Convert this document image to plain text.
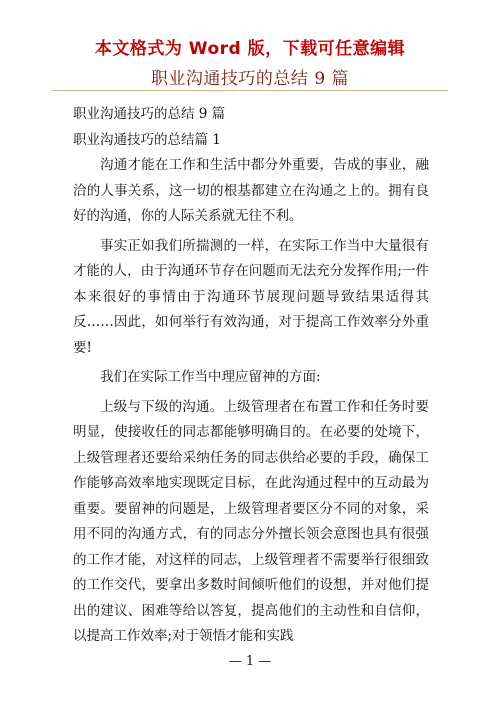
本文格式为 Word 版，下载可任意编辑
职业沟通技巧的总结 9 篇

职业沟通技巧的总结 9 篇

职业沟通技巧的总结篇 1

沟通才能在工作和生活中都分外重要，告成的事业，融洽的人事关系，这一切的根基都建立在沟通之上的。拥有良好的沟通，你的人际关系就无往不利。

事实正如我们所揣测的一样，在实际工作当中大量很有才能的人，由于沟通环节存在问题而无法充分发挥作用;一件本来很好的事情由于沟通环节展现问题导致结果适得其反……因此，如何举行有效沟通，对于提高工作效率分外重要!

我们在实际工作当中理应留神的方面:

上级与下级的沟通。上级管理者在布置工作和任务时要明显，使接收任的同志都能够明确目的。在必要的处境下，上级管理者还要给采纳任务的同志供给必要的手段，确保工作能够高效率地实现既定目标，在此沟通过程中的互动最为重要。要留神的问题是，上级管理者要区分不同的对象，采用不同的沟通方式，有的同志分外擅长领会意图也具有很强的工作才能，对这样的同志，上级管理者不需要举行很细致的工作交代，要拿出多数时间倾听他们的设想，并对他们提出的建议、困难等给以答复，提高他们的主动性和自信仰，以提高工作效率;对于领悟才能和实践

— 1 —
